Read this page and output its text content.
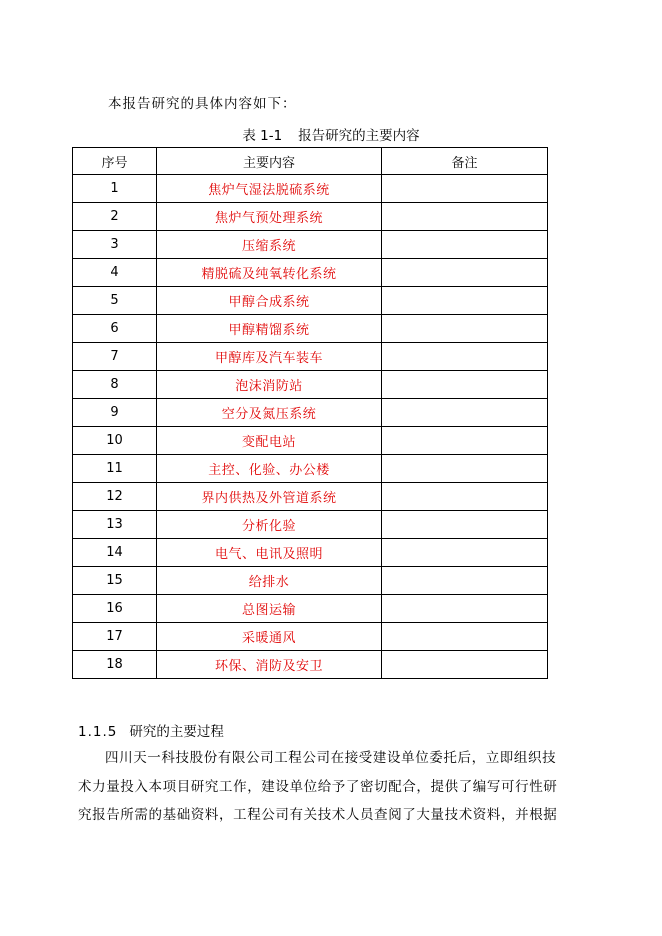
本报告研究的具体内容如下：
表 1-1 报告研究的主要内容
序号	主要内容	备注
1	焦炉气湿法脱硫系统	
2	焦炉气预处理系统	
3	压缩系统	
4	精脱硫及纯氧转化系统	
5	甲醇合成系统	
6	甲醇精馏系统	
7	甲醇库及汽车装车	
8	泡沫消防站	
9	空分及氮压系统	
10	变配电站	
11	主控、化验、办公楼	
12	界内供热及外管道系统	
13	分析化验	
14	电气、电讯及照明	
15	给排水	
16	总图运输	
17	采暖通风	
18	环保、消防及安卫	
1.1.5 研究的主要过程
四川天一科技股份有限公司工程公司在接受建设单位委托后，立即组织技
术力量投入本项目研究工作，建设单位给予了密切配合，提供了编写可行性研
究报告所需的基础资料，工程公司有关技术人员查阅了大量技术资料，并根据
